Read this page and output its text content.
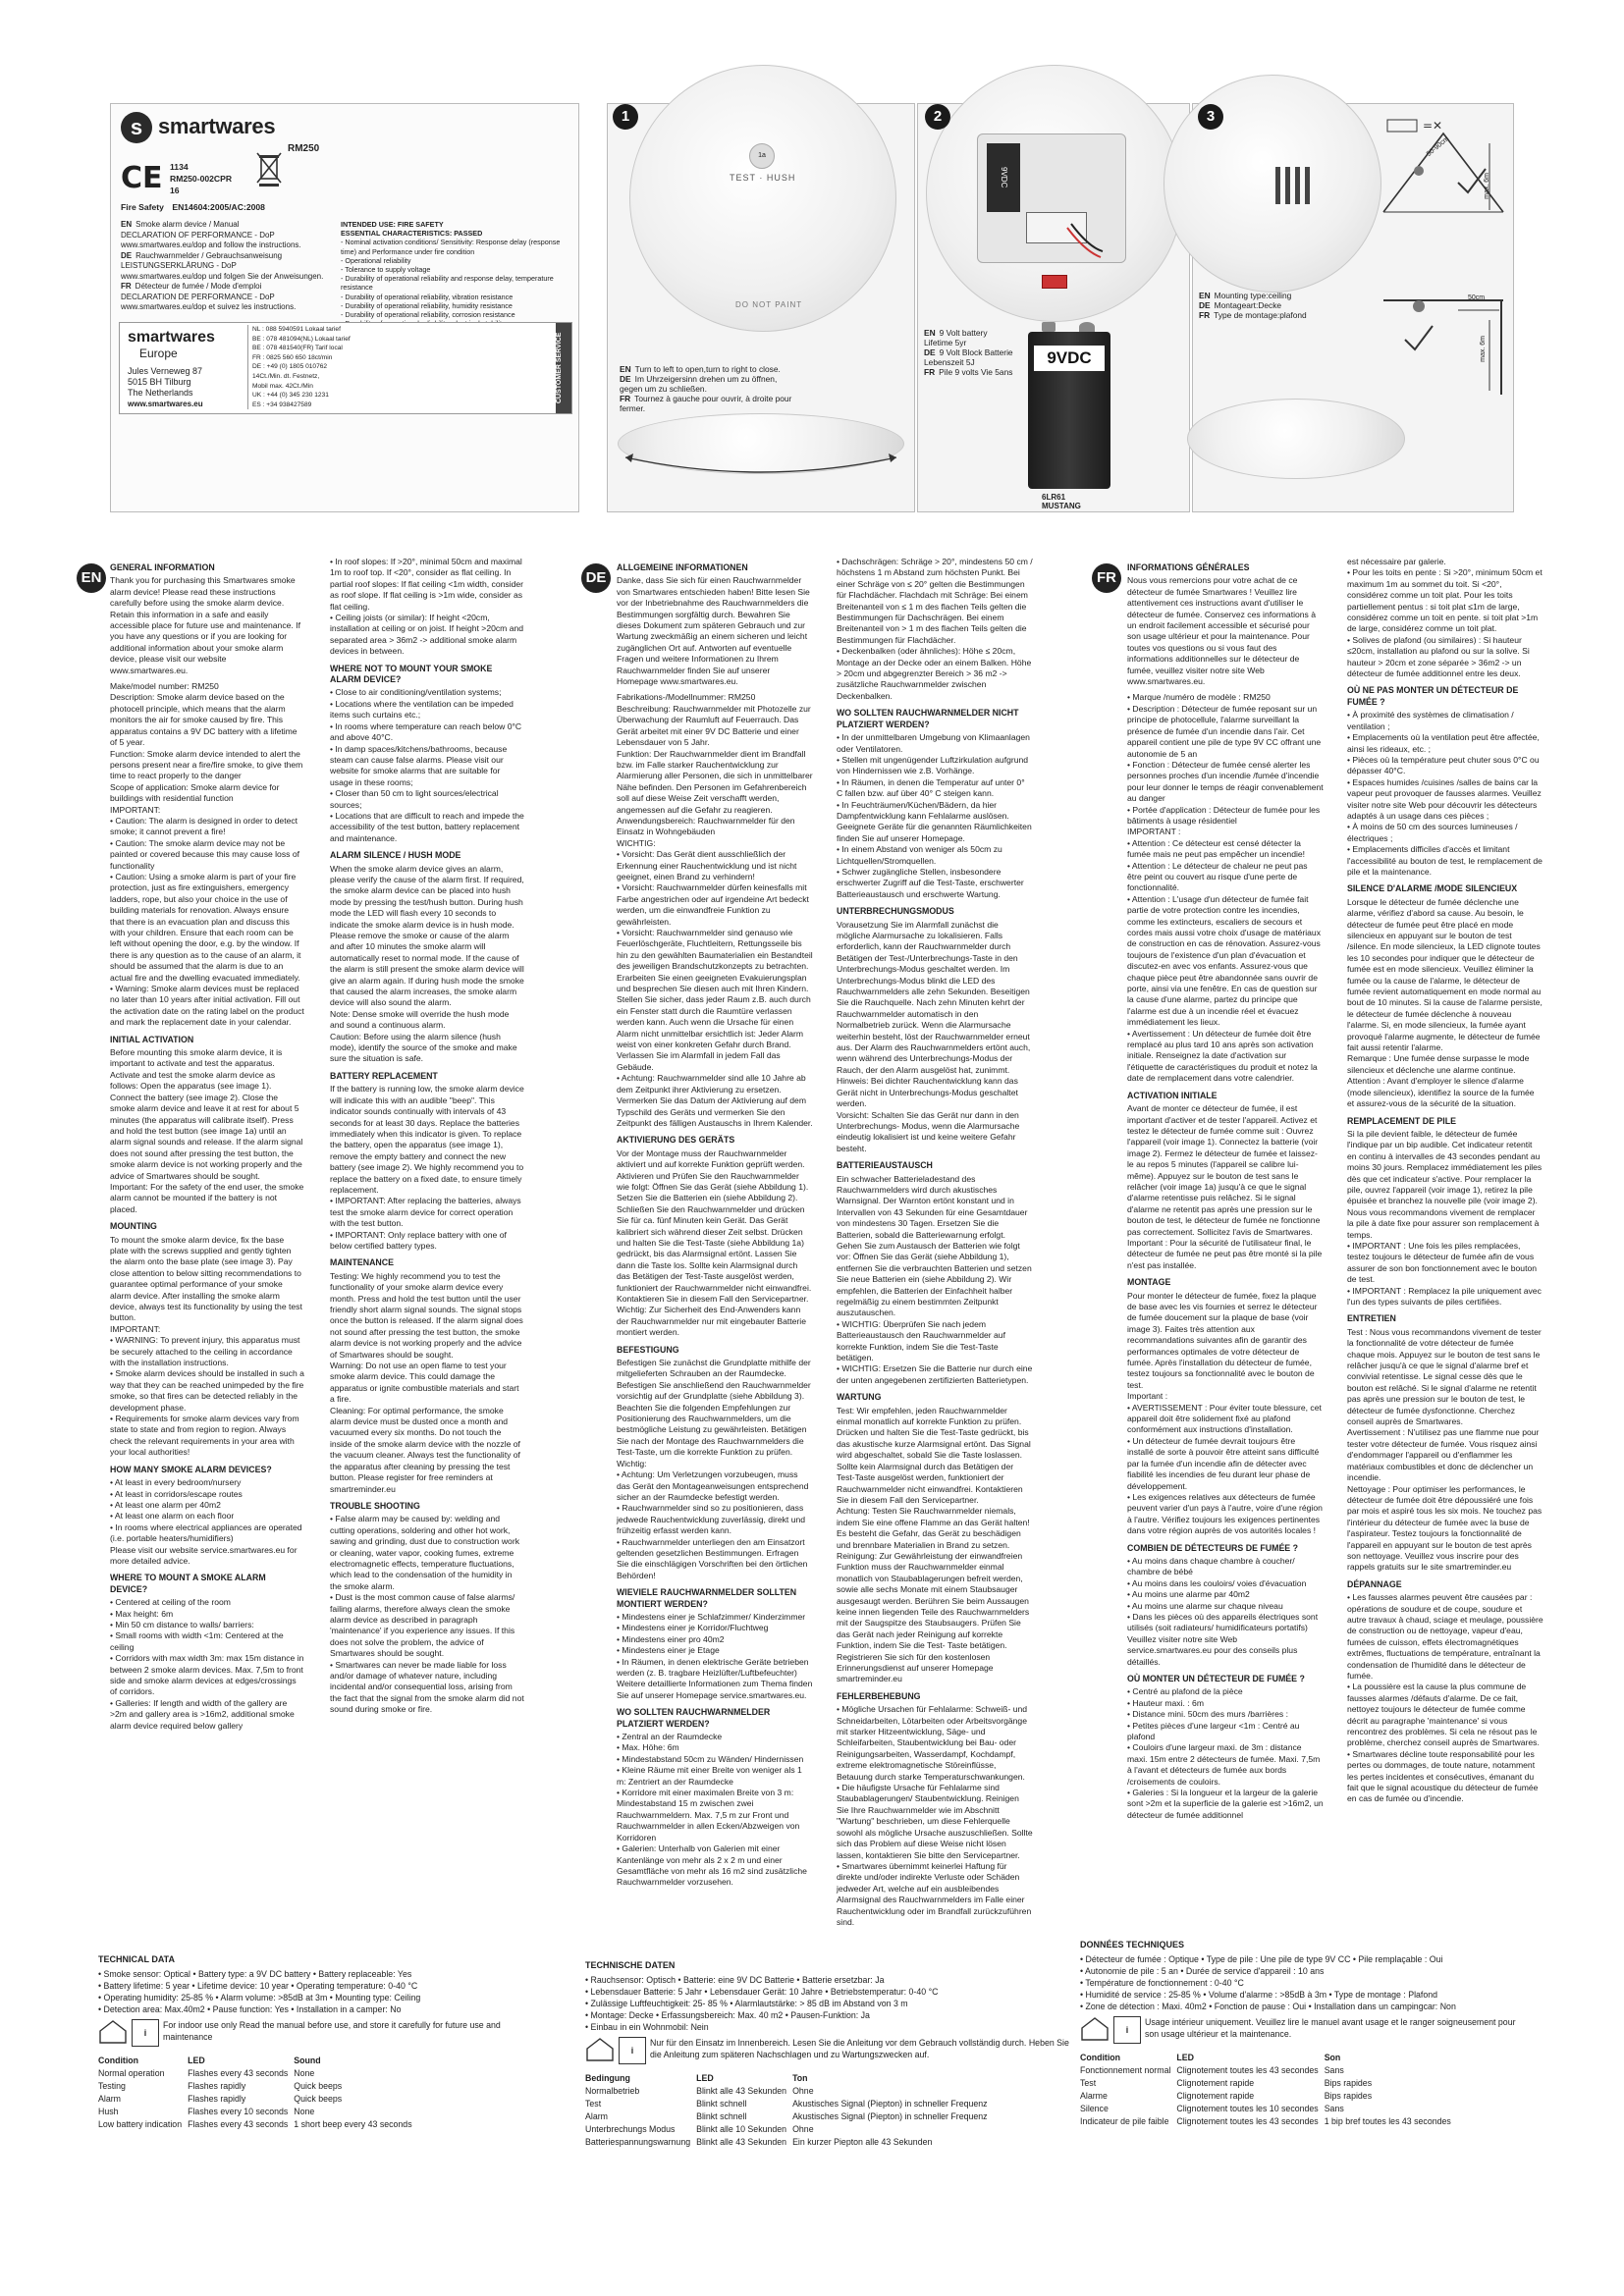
s smartwares
RM250
CE 1134
RM250-002CPR
16
Fire Safety EN14604:2005/AC:2008
EN Smoke alarm device / Manual
DECLARATION OF PERFORMANCE - DoP
www.smartwares.eu/dop and follow the instructions.
DE Rauchwarnmelder / Gebrauchsanweisung
LEISTUNGSERKLÄRUNG - DoP
www.smartwares.eu/dop und folgen Sie der Anweisungen.
FR Détecteur de fumée / Mode d'emploi
DECLARATION DE PERFORMANCE - DoP
www.smartwares.eu/dop et suivez les instructions.
INTENDED USE: FIRE SAFETY
ESSENTIAL CHARACTERISTICS: PASSED
- Nominal activation conditions/ Sensitivity: Response delay (response time) and Performance under fire condition
- Operational reliability
- Tolerance to supply voltage
- Durability of operational reliability and response delay, temperature resistance
- Durability of operational reliability, vibration resistance
- Durability of operational reliability, humidity resistance
- Durability of operational reliability, corrosion resistance
smartwares
Europe
Jules Verneweg 87
5015 BH Tilburg
The Netherlands
www.smartwares.eu
NL : 088 5940591 Lokaal tarief
BE : 078 481094(NL) Lokaal tarief
BE : 078 481540(FR) Tarif local
FR : 0825 560 650 18ct/min
DE : +49 (0) 1805 010762
14Ct./Min. dt. Festnetz,
Mobil max. 42Ct./Min
UK : +44 (0) 345 230 1231
ES : +34 938427589
CUSTOMER SERVICE
1a
TEST · HUSH
DO NOT PAINT
EN Turn to left to open,turn to right to close.
DE Im Uhrzeigersinn drehen um zu öffnen, gegen um zu schließen.
FR Tournez à gauche pour ouvrir, à droite pour fermer.
1
9VDC
EN 9 Volt battery Lifetime 5yr
DE 9 Volt Block Batterie Lebenszeit 5J
FR Pile 9 volts Vie 5ans
9VDC
6LR61
MUSTANG
2
=✕
50-90cm
max. 6m
50cm
max. 6m
EN Mounting type:ceiling
DE Montageart:Decke
FR Type de montage:plafond
3
EN	DE	FR
GENERAL INFORMATION

Thank you for purchasing this Smartwares smoke alarm device! Please read these instructions carefully before using the smoke alarm device. Retain this information in a safe and easily accessible place for future use and maintenance. If you have any questions or if you are looking for additional information about your smoke alarm device, please visit our website www.smartwares.eu.

Make/model number: RM250
Description: Smoke alarm device based on the photocell principle, which means that the alarm monitors the air for smoke caused by fire. This apparatus contains a 9V DC battery with a lifetime of 5 year.
Function: Smoke alarm device intended to alert the persons present near a fire/fire smoke, to give them time to react properly to the danger
Scope of application: Smoke alarm device for buildings with residential function
IMPORTANT:
• Caution: The alarm is designed in order to detect smoke; it cannot prevent a fire!
• Caution: The smoke alarm device may not be painted or covered because this may cause loss of functionality
• Caution: Using a smoke alarm is part of your fire protection, just as fire extinguishers, emergency ladders, rope, but also your choice in the use of building materials for renovation. Always ensure that there is an evacuation plan and discuss this with your children. Ensure that each room can be left without opening the door, e.g. by the window. If there is any question as to the cause of an alarm, it should be assumed that the alarm is due to an actual fire and the dwelling evacuated immediately.
• Warning: Smoke alarm devices must be replaced no later than 10 years after initial activation. Fill out the activation date on the rating label on the product and mark the replacement date in your calendar.

INITIAL ACTIVATION

Before mounting this smoke alarm device, it is important to activate and test the apparatus. Activate and test the smoke alarm device as follows: Open the apparatus (see image 1). Connect the battery (see image 2). Close the smoke alarm device and leave it at rest for about 5 minutes (the apparatus will calibrate itself). Press and hold the test button (see image 1a) until an alarm signal sounds and release. If the alarm signal does not sound after pressing the test button, the smoke alarm device is not working properly and the advice of Smartwares should be sought.
Important: For the safety of the end user, the smoke alarm cannot be mounted if the battery is not placed.

MOUNTING

To mount the smoke alarm device, fix the base plate with the screws supplied and gently tighten the alarm onto the base plate (see image 3). Pay close attention to below sitting recommendations to guarantee optimal performance of your smoke alarm device. After installing the smoke alarm device, always test its functionality by using the test button.
IMPORTANT:
• WARNING: To prevent injury, this apparatus must be securely attached to the ceiling in accordance with the installation instructions.
• Smoke alarm devices should be installed in such a way that they can be reached unimpeded by the fire smoke, so that fires can be detected reliably in the development phase.
• Requirements for smoke alarm devices vary from state to state and from region to region. Always check the relevant requirements in your area with your local authorities!

HOW MANY SMOKE ALARM DEVICES?

• At least in every bedroom/nursery
• At least in corridors/escape routes
• At least one alarm per 40m2
• At least one alarm on each floor
• In rooms where electrical appliances are operated (i.e. portable heaters/humidifiers)
Please visit our website service.smartwares.eu for more detailed advice.

WHERE TO MOUNT A SMOKE ALARM DEVICE?

• Centered at ceiling of the room
• Max height: 6m
• Min 50 cm distance to walls/ barriers:
• Small rooms with width <1m: Centered at the ceiling
• Corridors with max width 3m: max 15m distance in between 2 smoke alarm devices. Max. 7,5m to front side and smoke alarm devices at edges/crossings of corridors.
• Galleries: If length and width of the gallery are >2m and gallery area is >16m2, additional smoke alarm device required below gallery

• In roof slopes: If >20°, minimal 50cm and maximal 1m to roof top. If <20°, consider as flat ceiling. In partial roof slopes: If flat ceiling <1m width, consider as roof slope. If flat ceiling is >1m wide, consider as flat ceiling.
• Ceiling joists (or similar): If height <20cm, installation at ceiling or on joist. If height >20cm and separated area > 36m2 -> additional smoke alarm devices in between.

WHERE NOT TO MOUNT YOUR SMOKE ALARM DEVICE?

• Close to air conditioning/ventilation systems;
• Locations where the ventilation can be impeded items such curtains etc.;
• In rooms where temperature can reach below 0°C and above 40°C.
• In damp spaces/kitchens/bathrooms, because steam can cause false alarms. Please visit our website for smoke alarms that are suitable for usage in these rooms;
• Closer than 50 cm to light sources/electrical sources;
• Locations that are difficult to reach and impede the accessibility of the test button, battery replacement and maintenance.

ALARM SILENCE / HUSH MODE

When the smoke alarm device gives an alarm, please verify the cause of the alarm first. If required, the smoke alarm device can be placed into hush mode by pressing the test/hush button. During hush mode the LED will flash every 10 seconds to indicate the smoke alarm device is in hush mode. Please remove the smoke or cause of the alarm and after 10 minutes the smoke alarm will automatically reset to normal mode. If the cause of the alarm is still present the smoke alarm device will give an alarm again. If during hush mode the smoke that caused the alarm increases, the smoke alarm device will also sound the alarm.
Note: Dense smoke will override the hush mode and sound a continuous alarm.
Caution: Before using the alarm silence (hush mode), identify the source of the smoke and make sure the situation is safe.

BATTERY REPLACEMENT

If the battery is running low, the smoke alarm device will indicate this with an audible "beep". This indicator sounds continually with intervals of 43 seconds for at least 30 days. Replace the batteries immediately when this indicator is given. To replace the battery, open the apparatus (see image 1), remove the empty battery and connect the new battery (see image 2). We highly recommend you to replace the battery on a fixed date, to ensure timely replacement.
• IMPORTANT: After replacing the batteries, always test the smoke alarm device for correct operation with the test button.
• IMPORTANT: Only replace battery with one of below certified battery types.

MAINTENANCE

Testing: We highly recommend you to test the functionality of your smoke alarm device every month. Press and hold the test button until the user friendly short alarm signal sounds. The signal stops once the button is released. If the alarm signal does not sound after pressing the test button, the smoke alarm device is not working properly and the advice of Smartwares should be sought.
Warning: Do not use an open flame to test your smoke alarm device. This could damage the apparatus or ignite combustible materials and start a fire.
Cleaning: For optimal performance, the smoke alarm device must be dusted once a month and vacuumed every six months. Do not touch the inside of the smoke alarm device with the nozzle of the vacuum cleaner. Always test the functionality of the apparatus after cleaning by pressing the test button. Please register for free reminders at smartreminder.eu

TROUBLE SHOOTING

• False alarm may be caused by: welding and cutting operations, soldering and other hot work, sawing and grinding, dust due to construction work or cleaning, water vapor, cooking fumes, extreme electromagnetic effects, temperature fluctuations, which lead to the condensation of the humidity in the smoke alarm.
• Dust is the most common cause of false alarms/ failing alarms, therefore always clean the smoke alarm device as described in paragraph 'maintenance' if you experience any issues. If this does not solve the problem, the advice of Smartwares should be sought.
• Smartwares can never be made liable for loss and/or damage of whatever nature, including incidental and/or consequential loss, arising from the fact that the signal from the smoke alarm did not sound during smoke or fire.

ALLGEMEINE INFORMATIONEN

Danke, dass Sie sich für einen Rauchwarnmelder von Smartwares entschieden haben! Bitte lesen Sie vor der Inbetriebnahme des Rauchwarnmelders die Bestimmungen sorgfältig durch. Bewahren Sie dieses Dokument zum späteren Gebrauch und zur Wartung zweckmäßig an einem sicheren und leicht zugänglichen Ort auf. Antworten auf eventuelle Fragen und weitere Informationen zu Ihrem Rauchwarnmelder finden Sie auf unserer Homepage www.smartwares.eu.

Fabrikations-/Modellnummer: RM250
Beschreibung: Rauchwarnmelder mit Photozelle zur Überwachung der Raumluft auf Feuerrauch. Das Gerät arbeitet mit einer 9V DC Batterie und einer Lebensdauer von 5 Jahr.
Funktion: Der Rauchwarnmelder dient im Brandfall bzw. im Falle starker Rauchentwicklung zur Alarmierung aller Personen, die sich in unmittelbarer Nähe befinden. Den Personen im Gefahrenbereich soll auf diese Weise Zeit verschafft werden, angemessen auf die Gefahr zu reagieren.
Anwendungsbereich: Rauchwarnmelder für den Einsatz in Wohngebäuden
WICHTIG:
• Vorsicht: Das Gerät dient ausschließlich der Erkennung einer Rauchentwicklung und ist nicht geeignet, einen Brand zu verhindern!
• Vorsicht: Rauchwarnmelder dürfen keinesfalls mit Farbe angestrichen oder auf irgendeine Art bedeckt werden, um die einwandfreie Funktion zu gewährleisten.
• Vorsicht: Rauchwarnmelder sind genauso wie Feuerlöschgeräte, Fluchtleitern, Rettungsseile bis hin zu den gewählten Baumaterialien ein Bestandteil des jeweiligen Brandschutzkonzepts zu betrachten. Erarbeiten Sie einen geeigneten Evakuierungsplan und besprechen Sie diesen auch mit Ihren Kindern. Stellen Sie sicher, dass jeder Raum z.B. auch durch ein Fenster statt durch die Raumtüre verlassen werden kann. Auch wenn die Ursache für einen Alarm nicht unmittelbar ersichtlich ist: Jeder Alarm weist von einer konkreten Gefahr durch Brand. Verlassen Sie im Alarmfall in jedem Fall das Gebäude.
• Achtung: Rauchwarnmelder sind alle 10 Jahre ab dem Zeitpunkt ihrer Aktivierung zu ersetzen. Vermerken Sie das Datum der Aktivierung auf dem Typschild des Geräts und vermerken Sie den Zeitpunkt des fälligen Austauschs in Ihrem Kalender.

AKTIVIERUNG DES GERÄTS

Vor der Montage muss der Rauchwarnmelder aktiviert und auf korrekte Funktion geprüft werden. Aktivieren und Prüfen Sie den Rauchwarnmelder wie folgt: Öffnen Sie das Gerät (siehe Abbildung 1). Setzen Sie die Batterien ein (siehe Abbildung 2). Schließen Sie den Rauchwarnmelder und drücken Sie für ca. fünf Minuten kein Gerät. Das Gerät kalibriert sich während dieser Zeit selbst. Drücken und halten Sie die Test-Taste (siehe Abbildung 1a) gedrückt, bis das Alarmsignal ertönt. Lassen Sie dann die Taste los. Sollte kein Alarmsignal durch das Betätigen der Test-Taste ausgelöst werden, funktioniert der Rauchwarnmelder nicht einwandfrei. Kontaktieren Sie in diesem Fall den Servicepartner.
Wichtig: Zur Sicherheit des End-Anwenders kann der Rauchwarnmelder nur mit eingebauter Batterie montiert werden.

BEFESTIGUNG

Befestigen Sie zunächst die Grundplatte mithilfe der mitgelieferten Schrauben an der Raumdecke. Befestigen Sie anschließend den Rauchwarnmelder vorsichtig auf der Grundplatte (siehe Abbildung 3). Beachten Sie die folgenden Empfehlungen zur Positionierung des Rauchwarnmelders, um die bestmögliche Leistung zu gewährleisten. Betätigen Sie nach der Montage des Rauchwarnmelders die Test-Taste, um die korrekte Funktion zu prüfen.
Wichtig:
• Achtung: Um Verletzungen vorzubeugen, muss das Gerät den Montageanweisungen entsprechend sicher an der Raumdecke befestigt werden.
• Rauchwarnmelder sind so zu positionieren, dass jedwede Rauchentwicklung zuverlässig, direkt und frühzeitig erfasst werden kann.
• Rauchwarnmelder unterliegen den am Einsatzort geltenden gesetzlichen Bestimmungen. Erfragen Sie die einschlägigen Vorschriften bei den örtlichen Behörden!

WIEVIELE RAUCHWARNMELDER SOLLTEN MONTIERT WERDEN?

• Mindestens einer je Schlafzimmer/ Kinderzimmer
• Mindestens einer je Korridor/Fluchtweg
• Mindestens einer pro 40m2
• Mindestens einer je Etage
• In Räumen, in denen elektrische Geräte betrieben werden (z. B. tragbare Heizlüfter/Luftbefeuchter) Weitere detaillierte Informationen zum Thema finden Sie auf unserer Homepage service.smartwares.eu.

WO SOLLTEN RAUCHWARNMELDER PLATZIERT WERDEN?

• Zentral an der Raumdecke
• Max. Höhe: 6m
• Mindestabstand 50cm zu Wänden/ Hindernissen
• Kleine Räume mit einer Breite von weniger als 1 m: Zentriert an der Raumdecke
• Korridore mit einer maximalen Breite von 3 m: Mindestabstand 15 m zwischen zwei Rauchwarnmeldern. Max. 7,5 m zur Front und Rauchwarnmelder in allen Ecken/Abzweigen von Korridoren
• Galerien: Unterhalb von Galerien mit einer Kantenlänge von mehr als 2 x 2 m und einer Gesamtfläche von mehr als 16 m2 sind zusätzliche Rauchwarnmelder vorzusehen.

• Dachschrägen: Schräge > 20°, mindestens 50 cm / höchstens 1 m Abstand zum höchsten Punkt. Bei einer Schräge von ≤ 20° gelten die Bestimmungen für Flachdächer. Flachdach mit Schräge: Bei einem Breitenanteil von ≤ 1 m des flachen Teils gelten die Bestimmungen für Dachschrägen. Bei einem Breitenanteil von > 1 m des flachen Teils gelten die Bestimmungen für Flachdächer.
• Deckenbalken (oder ähnliches): Höhe ≤ 20cm, Montage an der Decke oder an einem Balken. Höhe > 20cm und abgegrenzter Bereich > 36 m2 -> zusätzliche Rauchwarnmelder zwischen Deckenbalken.

WO SOLLTEN RAUCHWARNMELDER NICHT PLATZIERT WERDEN?

• In der unmittelbaren Umgebung von Klimaanlagen oder Ventilatoren.
• Stellen mit ungenügender Luftzirkulation aufgrund von Hindernissen wie z.B. Vorhänge.
• In Räumen, in denen die Temperatur auf unter 0° C fallen bzw. auf über 40° C steigen kann.
• In Feuchträumen/Küchen/Bädern, da hier Dampfentwicklung kann Fehlalarme auslösen. Geeignete Geräte für die genannten Räumlichkeiten finden Sie auf unserer Homepage.
• In einem Abstand von weniger als 50cm zu Lichtquellen/Stromquellen.
• Schwer zugängliche Stellen, insbesondere erschwerter Zugriff auf die Test-Taste, erschwerter Batterieaustausch und erschwerte Wartung.

UNTERBRECHUNGSMODUS

Vorausetzung Sie im Alarmfall zunächst die mögliche Alarmursache zu lokalisieren. Falls erforderlich, kann der Rauchwarnmelder durch Betätigen der Test-/Unterbrechungs-Taste in den Unterbrechungs-Modus geschaltet werden. Im Unterbrechungs-Modus blinkt die LED des Rauchwarnmelders alle zehn Sekunden. Beseitigen Sie die Rauchquelle. Nach zehn Minuten kehrt der Rauchwarnmelder automatisch in den Normalbetrieb zurück. Wenn die Alarmursache weiterhin besteht, löst der Rauchwarnmelder erneut aus. Der Alarm des Rauchwarnmelders ertönt auch, wenn während des Unterbrechungs-Modus der Rauch, der den Alarm ausgelöst hat, zunimmt.
Hinweis: Bei dichter Rauchentwicklung kann das Gerät nicht in Unterbrechungs-Modus geschaltet werden.
Vorsicht: Schalten Sie das Gerät nur dann in den Unterbrechungs- Modus, wenn die Alarmursache eindeutig lokalisiert ist und keine weitere Gefahr besteht.

BATTERIEAUSTAUSCH

Ein schwacher Batterieladestand des Rauchwarnmelders wird durch akustisches Warnsignal. Der Warnton ertönt konstant und in Intervallen von 43 Sekunden für eine Gesamtdauer von mindestens 30 Tagen. Ersetzen Sie die Batterien, sobald die Batteriewarnung erfolgt. Gehen Sie zum Austausch der Batterien wie folgt vor: Öffnen Sie das Gerät (siehe Abbildung 1), entfernen Sie die verbrauchten Batterien und setzen Sie neue Batterien ein (siehe Abbildung 2). Wir empfehlen, die Batterien der Einfachheit halber regelmäßig zu einem bestimmten Zeitpunkt auszutauschen.
• WICHTIG: Überprüfen Sie nach jedem Batterieaustausch den Rauchwarnmelder auf korrekte Funktion, indem Sie die Test-Taste betätigen.
• WICHTIG: Ersetzen Sie die Batterie nur durch eine der unten angegebenen zertifizierten Batterietypen.

WARTUNG

Test: Wir empfehlen, jeden Rauchwarnmelder einmal monatlich auf korrekte Funktion zu prüfen. Drücken und halten Sie die Test-Taste gedrückt, bis das akustische kurze Alarmsignal ertönt. Das Signal wird abgeschaltet, sobald Sie die Taste loslassen. Sollte kein Alarmsignal durch das Betätigen der Test-Taste ausgelöst werden, funktioniert der Rauchwarnmelder nicht einwandfrei. Kontaktieren Sie in diesem Fall den Servicepartner.
Achtung: Testen Sie Rauchwarnmelder niemals, indem Sie eine offene Flamme an das Gerät halten! Es besteht die Gefahr, das Gerät zu beschädigen und brennbare Materialien in Brand zu setzen.
Reinigung: Zur Gewährleistung der einwandfreien Funktion muss der Rauchwarnmelder einmal monatlich von Staubablagerungen befreit werden, sowie alle sechs Monate mit einem Staubsauger ausgesaugt werden. Berühren Sie beim Aussaugen keine innen liegenden Teile des Rauchwarnmelders mit der Saugspitze des Staubsaugers. Prüfen Sie das Gerät nach jeder Reinigung auf korrekte Funktion, indem Sie die Test- Taste betätigen. Registrieren Sie sich für den kostenlosen Erinnerungsdienst auf unserer Homepage smartreminder.eu

FEHLERBEHEBUNG

• Mögliche Ursachen für Fehlalarme: Schweiß- und Schneidarbeiten, Lötarbeiten oder Arbeitsvorgänge mit starker Hitzeentwicklung, Säge- und Schleifarbeiten, Staubentwicklung bei Bau- oder Reinigungsarbeiten, Wasserdampf, Kochdampf, extreme elektromagnetische Störeinflüsse, Betauung durch starke Temperaturschwankungen.
• Die häufigste Ursache für Fehlalarme sind Staubablagerungen/ Staubentwicklung. Reinigen Sie Ihre Rauchwarnmelder wie im Abschnitt "Wartung" beschrieben, um diese Fehlerquelle sowohl als mögliche Ursache auszuschließen. Sollte sich das Problem auf diese Weise nicht lösen lassen, kontaktieren Sie bitte den Servicepartner.
• Smartwares übernimmt keinerlei Haftung für direkte und/oder indirekte Verluste oder Schäden jedweder Art, welche auf ein ausbleibendes Alarmsignal des Rauchwarnmelders im Falle einer Rauchentwicklung oder im Brandfall zurückzuführen sind.

INFORMATIONS GÉNÉRALES

Nous vous remercions pour votre achat de ce détecteur de fumée Smartwares ! Veuillez lire attentivement ces instructions avant d'utiliser le détecteur de fumée. Conservez ces informations à un endroit facilement accessible et sécurisé pour son usage ultérieur et pour la maintenance. Pour toutes vos questions ou si vous faut des informations additionnelles sur le détecteur de fumée, veuillez visiter notre site Web www.smartwares.eu.

• Marque /numéro de modèle : RM250
• Description : Détecteur de fumée reposant sur un principe de photocellule, l'alarme surveillant la présence de fumée d'un incendie dans l'air. Cet appareil contient une pile de type 9V CC offrant une autonomie de 5 an
• Fonction : Détecteur de fumée censé alerter les personnes proches d'un incendie /fumée d'incendie pour leur donner le temps de réagir convenablement au danger
• Portée d'application : Détecteur de fumée pour les bâtiments à usage résidentiel
IMPORTANT :
• Attention : Ce détecteur est censé détecter la fumée mais ne peut pas empêcher un incendie!
• Attention : Le détecteur de chaleur ne peut pas être peint ou couvert au risque d'une perte de fonctionnalité.
• Attention : L'usage d'un détecteur de fumée fait partie de votre protection contre les incendies, comme les extincteurs, escaliers de secours et cordes mais aussi votre choix d'usage de matériaux de construction en cas de rénovation. Assurez-vous toujours de l'existence d'un plan d'évacuation et discutez-en avec vos enfants. Assurez-vous que chaque pièce peut être abandonnée sans ouvrir de porte, ainsi via une fenêtre. En cas de question sur la cause d'une alarme, partez du principe que l'alarme est due à un incendie réel et évacuez immédiatement les lieux.
• Avertissement : Un détecteur de fumée doit être remplacé au plus tard 10 ans après son activation initiale. Renseignez la date d'activation sur l'étiquette de caractéristiques du produit et notez la date de remplacement dans votre calendrier.

ACTIVATION INITIALE

Avant de monter ce détecteur de fumée, il est important d'activer et de tester l'appareil. Activez et testez le détecteur de fumée comme suit : Ouvrez l'appareil (voir image 1). Connectez la batterie (voir image 2). Fermez le détecteur de fumée et laissez-le au repos 5 minutes (l'appareil se calibre lui-même). Appuyez sur le bouton de test sans le relâcher (voir image 1a) jusqu'à ce que le signal d'alarme retentisse puis relâchez. Si le signal d'alarme ne retentit pas après une pression sur le bouton de test, le détecteur de fumée ne fonctionne pas correctement. Sollicitez l'avis de Smartwares.
Important : Pour la sécurité de l'utilisateur final, le détecteur de fumée ne peut pas être monté si la pile n'est pas installée.

MONTAGE

Pour monter le détecteur de fumée, fixez la plaque de base avec les vis fournies et serrez le détecteur de fumée doucement sur la plaque de base (voir image 3). Faites très attention aux recommandations suivantes afin de garantir des performances optimales de votre détecteur de fumée. Après l'installation du détecteur de fumée, testez toujours sa fonctionnalité avec le bouton de test.
Important :
• AVERTISSEMENT : Pour éviter toute blessure, cet appareil doit être solidement fixé au plafond conformément aux instructions d'installation.
• Un détecteur de fumée devrait toujours être installé de sorte à pouvoir être atteint sans difficulté par la fumée d'un incendie afin de détecter avec fiabilité les incendies de feu durant leur phase de développement.
• Les exigences relatives aux détecteurs de fumée peuvent varier d'un pays à l'autre, voire d'une région à l'autre. Vérifiez toujours les exigences pertinentes dans votre région auprès de vos autorités locales !

COMBIEN DE DÉTECTEURS DE FUMÉE ?

• Au moins dans chaque chambre à coucher/ chambre de bébé
• Au moins dans les couloirs/ voies d'évacuation
• Au moins une alarme par 40m2
• Au moins une alarme sur chaque niveau
• Dans les pièces où des appareils électriques sont utilisés (soit radiateurs/ humidificateurs portatifs) Veuillez visiter notre site Web service.smartwares.eu pour des conseils plus détaillés.

OÙ MONTER UN DÉTECTEUR DE FUMÉE ?

• Centré au plafond de la pièce
• Hauteur maxi. : 6m
• Distance mini. 50cm des murs /barrières :
• Petites pièces d'une largeur <1m : Centré au plafond
• Couloirs d'une largeur maxi. de 3m : distance maxi. 15m entre 2 détecteurs de fumée. Maxi. 7,5m à l'avant et détecteurs de fumée aux bords /croisements de couloirs.
• Galeries : Si la longueur et la largeur de la galerie sont >2m et la superficie de la galerie est >16m2, un détecteur de fumée additionnel

est nécessaire par galerie.
• Pour les toits en pente : Si >20°, minimum 50cm et maximum 1m au sommet du toit. Si <20°, considérez comme un toit plat. Pour les toits partiellement pentus : si toit plat ≤1m de large, considérez comme un toit en pente. si toit plat >1m de large, considérez comme un toit plat.
• Solives de plafond (ou similaires) : Si hauteur ≤20cm, installation au plafond ou sur la solive. Si hauteur > 20cm et zone séparée > 36m2 -> un détecteur de fumée additionnel entre les deux.

OÙ NE PAS MONTER UN DÉTECTEUR DE FUMÉE ?

• À proximité des systèmes de climatisation / ventilation ;
• Emplacements où la ventilation peut être affectée, ainsi les rideaux, etc. ;
• Pièces où la température peut chuter sous 0°C ou dépasser 40°C.
• Espaces humides /cuisines /salles de bains car la vapeur peut provoquer de fausses alarmes. Veuillez visiter notre site Web pour découvrir les détecteurs adaptés à un usage dans ces pièces ;
• À moins de 50 cm des sources lumineuses / électriques ;
• Emplacements difficiles d'accès et limitant l'accessibilité au bouton de test, le remplacement de pile et la maintenance.

SILENCE D'ALARME /MODE SILENCIEUX

Lorsque le détecteur de fumée déclenche une alarme, vérifiez d'abord sa cause. Au besoin, le détecteur de fumée peut être placé en mode silencieux en appuyant sur le bouton de test /silence. En mode silencieux, la LED clignote toutes les 10 secondes pour indiquer que le détecteur de fumée est en mode silencieux. Veuillez éliminer la fumée ou la cause de l'alarme, le détecteur de fumée revient automatiquement en mode normal au bout de 10 minutes. Si la cause de l'alarme persiste, le détecteur de fumée déclenche à nouveau l'alarme. Si, en mode silencieux, la fumée ayant provoqué l'alarme augmente, le détecteur de fumée fait aussi retentir l'alarme.
Remarque : Une fumée dense surpasse le mode silencieux et déclenche une alarme continue.
Attention : Avant d'employer le silence d'alarme (mode silencieux), identifiez la source de la fumée et assurez-vous de la sécurité de la situation.

REMPLACEMENT DE PILE

Si la pile devient faible, le détecteur de fumée l'indique par un bip audible. Cet indicateur retentit en continu à intervalles de 43 secondes pendant au moins 30 jours. Remplacez immédiatement les piles dès que cet indicateur s'active. Pour remplacer la pile, ouvrez l'appareil (voir image 1), retirez la pile épuisée et branchez la nouvelle pile (voir image 2). Nous vous recommandons vivement de remplacer la pile à date fixe pour assurer son remplacement à temps.
• IMPORTANT : Une fois les piles remplacées, testez toujours le détecteur de fumée afin de vous assurer de son bon fonctionnement avec le bouton de test.
• IMPORTANT : Remplacez la pile uniquement avec l'un des types suivants de piles certifiées.

ENTRETIEN

Test : Nous vous recommandons vivement de tester la fonctionnalité de votre détecteur de fumée chaque mois. Appuyez sur le bouton de test sans le relâcher jusqu'à ce que le signal d'alarme bref et convivial retentisse. Le signal cesse dès que le bouton est relâché. Si le signal d'alarme ne retentit pas après une pression sur le bouton de test, le détecteur de fumée dysfonctionne. Cherchez conseil auprès de Smartwares.
Avertissement : N'utilisez pas une flamme nue pour tester votre détecteur de fumée. Vous risquez ainsi d'endommager l'appareil ou d'enflammer les matériaux combustibles et donc de déclencher un incendie.
Nettoyage : Pour optimiser les performances, le détecteur de fumée doit être dépoussiéré une fois par mois et aspiré tous les six mois. Ne touchez pas l'intérieur du détecteur de fumée avec la buse de l'aspirateur. Testez toujours la fonctionnalité de l'appareil en appuyant sur le bouton de test après son nettoyage. Veuillez vous inscrire pour des rappels gratuits sur le site smartreminder.eu

DÉPANNAGE

• Les fausses alarmes peuvent être causées par : opérations de soudure et de coupe, soudure et autre travaux à chaud, sciage et meulage, poussière de construction ou de nettoyage, vapeur d'eau, fumées de cuisson, effets électromagnétiques extrêmes, fluctuations de température, entraînant la condensation de l'humidité dans le détecteur de fumée.
• La poussière est la cause la plus commune de fausses alarmes /défauts d'alarme. De ce fait, nettoyez toujours le détecteur de fumée comme décrit au paragraphe 'maintenance' si vous rencontrez des problèmes. Si cela ne résout pas le problème, cherchez conseil auprès de Smartwares.
• Smartwares décline toute responsabilité pour les pertes ou dommages, de toute nature, notamment les pertes incidentes et consécutives, émanant du fait que le signal acoustique du détecteur de fumée en cas de fumée ou d'incendie.

TECHNICAL DATA

• Smoke sensor: Optical • Battery type: a 9V DC battery • Battery replaceable: Yes

• Battery lifetime: 5 year • Lifetime device: 10 year • Operating temperature: 0-40 °C

• Operating humidity: 25-85 % • Alarm volume: >85dB at 3m • Mounting type: Ceiling

• Detection area: Max.40m2 • Pause function: Yes • Installation in a camper: No

i

For indoor use only Read the manual before use, and store it carefully for future use and maintenance

Condition	LED	Sound
Normal operation	Flashes every 43 seconds	None
Testing	Flashes rapidly	Quick beeps
Alarm	Flashes rapidly	Quick beeps
Hush	Flashes every 10 seconds	None
Low battery indication	Flashes every 43 seconds	1 short beep every 43 seconds
TECHNISCHE DATEN

• Rauchsensor: Optisch • Batterie: eine 9V DC Batterie • Batterie ersetzbar: Ja

• Lebensdauer Batterie: 5 Jahr • Lebensdauer Gerät: 10 Jahre • Betriebstemperatur: 0-40 °C

• Zulässige Luftfeuchtigkeit: 25- 85 % • Alarmlautstärke: > 85 dB im Abstand von 3 m

• Montage: Decke • Erfassungsbereich: Max. 40 m2 • Pausen-Funktion: Ja

• Einbau in ein Wohnmobil: Nein

i

Nur für den Einsatz im Innenbereich. Lesen Sie die Anleitung vor dem Gebrauch vollständig durch. Heben Sie die Anleitung zum späteren Nachschlagen und zu Wartungszwecken auf.

Bedingung	LED	Ton
Normalbetrieb	Blinkt alle 43 Sekunden	Ohne
Test	Blinkt schnell	Akustisches Signal (Piepton) in schneller Frequenz
Alarm	Blinkt schnell	Akustisches Signal (Piepton) in schneller Frequenz
Unterbrechungs Modus	Blinkt alle 10 Sekunden	Ohne
Batteriespannungswarnung	Blinkt alle 43 Sekunden	Ein kurzer Piepton alle 43 Sekunden
DONNÉES TECHNIQUES

• Détecteur de fumée : Optique • Type de pile : Une pile de type 9V CC • Pile remplaçable : Oui

• Autonomie de pile : 5 an • Durée de service d'appareil : 10 ans

• Température de fonctionnement : 0-40 °C

• Humidité de service : 25-85 % • Volume d'alarme : >85dB à 3m • Type de montage : Plafond

• Zone de détection : Maxi. 40m2 • Fonction de pause : Oui • Installation dans un campingcar: Non

i

Usage intérieur uniquement. Veuillez lire le manuel avant usage et le ranger soigneusement pour son usage ultérieur et la maintenance.

Condition	LED	Son
Fonctionnement normal	Clignotement toutes les 43 secondes	Sans
Test	Clignotement rapide	Bips rapides
Alarme	Clignotement rapide	Bips rapides
Silence	Clignotement toutes les 10 secondes	Sans
Indicateur de pile faible	Clignotement toutes les 43 secondes	1 bip bref toutes les 43 secondes
